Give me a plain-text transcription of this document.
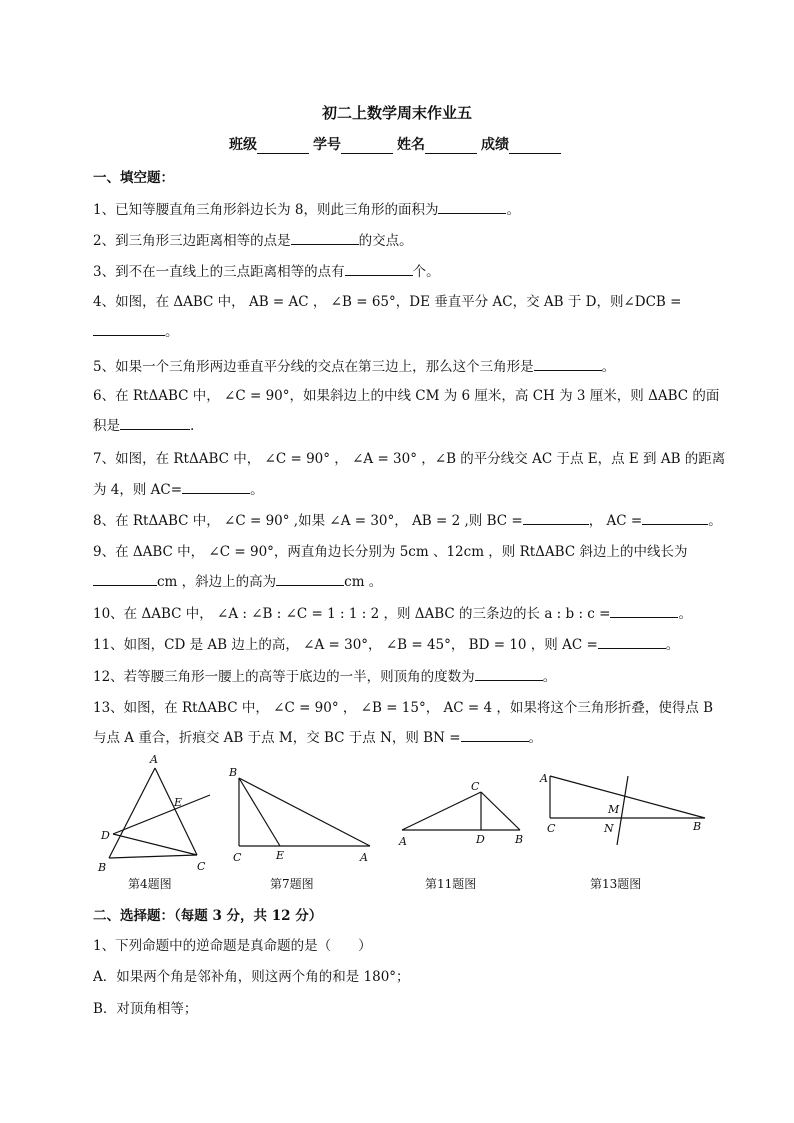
初二上数学周末作业五
班级	学号	姓名	成绩
一、填空题：
1、已知等腰直角三角形斜边长为 8，则此三角形的面积为	。
2、到三角形三边距离相等的点是	的交点。
3、到不在一直线上的三点距离相等的点有	个。
4、如图，在 ΔABC 中， AB = AC ， ∠B = 65°，DE 垂直平分 AC，交 AB 于 D，则∠DCB =
。
5、如果一个三角形两边垂直平分线的交点在第三边上，那么这个三角形是	。
6、在 RtΔABC 中， ∠C = 90°，如果斜边上的中线 CM 为 6 厘米，高 CH 为 3 厘米，则 ΔABC 的面
积是	.
7、如图，在 RtΔABC 中， ∠C = 90° ， ∠A = 30° ，∠B 的平分线交 AC 于点 E，点 E 到 AB 的距离
为 4，则 AC=	。
8、在 RtΔABC 中， ∠C = 90° ,如果 ∠A = 30°， AB = 2 ,则 BC =	， AC =	。
9、在 ΔABC 中， ∠C = 90°，两直角边长分别为 5cm 、12cm ，则 RtΔABC 斜边上的中线长为
cm ，斜边上的高为	cm 。
10、在 ΔABC 中， ∠A : ∠B : ∠C = 1 : 1 : 2 ，则 ΔABC 的三条边的长 a : b : c =	。
11、如图，CD 是 AB 边上的高， ∠A = 30°， ∠B = 45°， BD = 10 ，则 AC =	。
12、若等腰三角形一腰上的高等于底边的一半，则顶角的度数为	。
13、如图，在 RtΔABC 中， ∠C = 90° ， ∠B = 15°， AC = 4 ，如果将这个三角形折叠，使得点 B
与点 A 重合，折痕交 AB 于点 M，交 BC 于点 N，则 BN =	。
A
E
D
B	C
B
C	E	A
C
A	D	B
A
M
C	N	B
第4题图	第7题图	第11题图	第13题图
二、选择题：（每题 3 分，共 12 分）
1、下列命题中的逆命题是真命题的是（　　）
A．如果两个角是邻补角，则这两个角的和是 180°；
B．对顶角相等；
